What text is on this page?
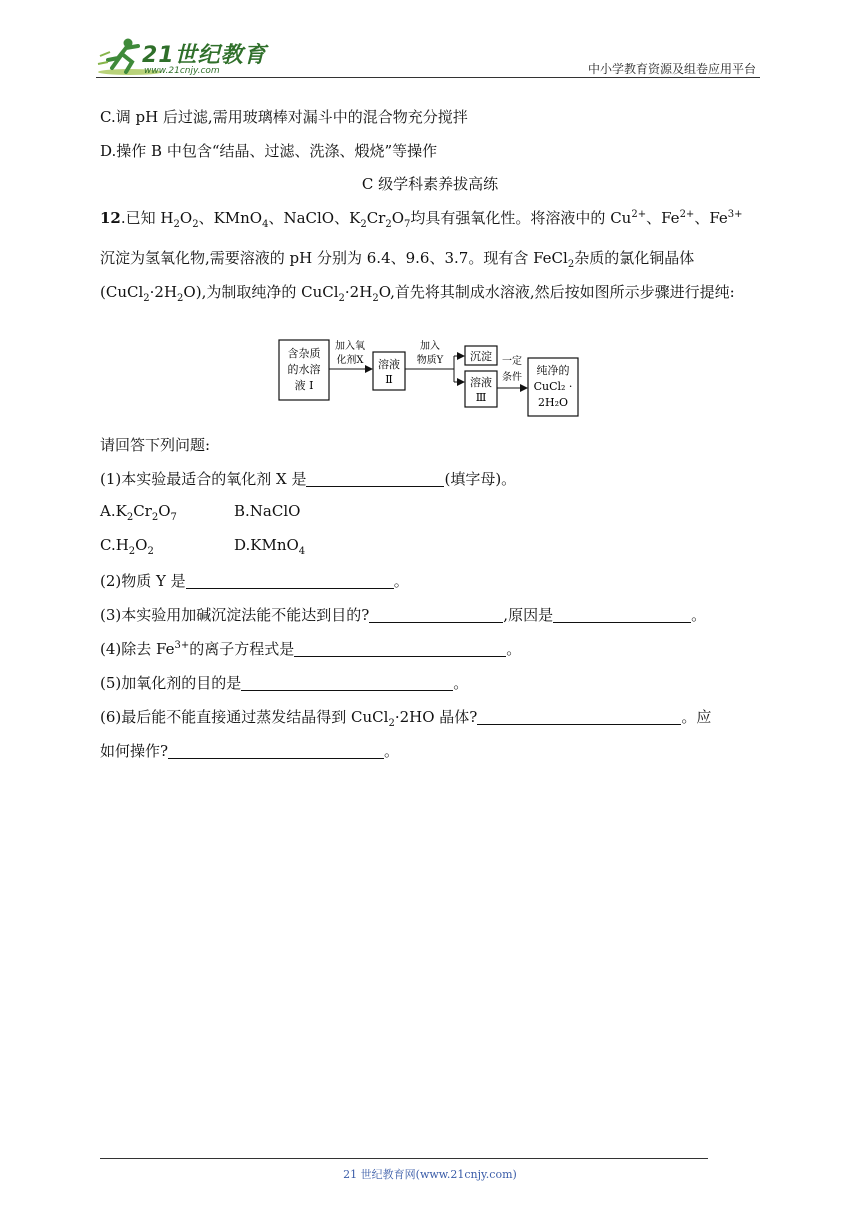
21世纪教育
www.21cnjy.com	中小学教育资源及组卷应用平台
C.调 pH 后过滤,需用玻璃棒对漏斗中的混合物充分搅拌
D.操作 B 中包含“结晶、过滤、洗涤、煅烧”等操作
C 级学科素养拔高练
12.已知 $H_2O_2$、KMnO$_4$、NaClO、$K_2Cr_2O_7$均具有强氧化性。将溶液中的 $Cu^{2+}$、$Fe^{2+}$、$Fe^{3+}$
沉淀为氢氧化物,需要溶液的 pH 分别为 6.4、9.6、3.7。现有含 FeCl$_2$杂质的氯化铜晶体$(CuCl_2\cdot 2H_2O)$,为制取纯净的 $CuCl_2\cdot 2H_2O$,首先将其制成水溶液,然后按如图所示步骤进行提纯:
含杂质
的水溶
液 Ⅰ
加入氧
化剂X 溶液
Ⅱ
加入
物质Y 沉淀
溶液
Ⅲ
一定
条件
纯净的
CuCl₂ ·
2H₂O
请回答下列问题:
(1)本实验最适合的氧化剂 X 是	(填字母)。
$A.K_2Cr_2O_7$	B.NaClO
$C.H_2O_2$	D.KMnO$_4$
(2)物质 Y 是	。
(3)本实验用加碱沉淀法能不能达到目的?	,原因是	。
(4)除去 $Fe^{3+}$的离子方程式是	。
(5)加氧化剂的目的是	。
(6)最后能不能直接通过蒸发结晶得到 CuCl$_2$·2HO 晶体?	。应
如何操作?	。
21 世纪教育网(www.21cnjy.com)
